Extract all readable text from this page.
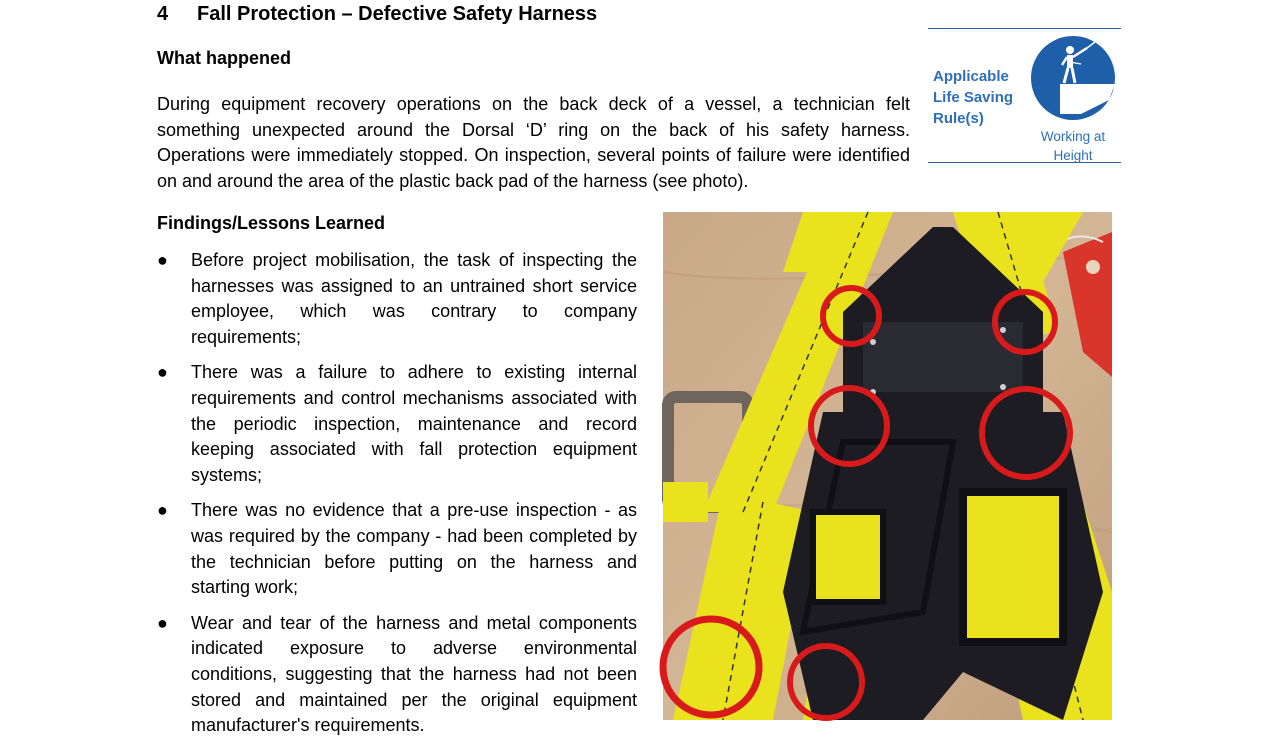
4 Fall Protection – Defective Safety Harness
What happened

During equipment recovery operations on the back deck of a vessel, a technician felt something unexpected around the Dorsal ‘D’ ring on the back of his safety harness. Operations were immediately stopped. On inspection, several points of failure were identified on and around the area of the plastic back pad of the harness (see photo).

Applicable Life Saving Rule(s)
Working at Height
Findings/Lessons Learned
● Before project mobilisation, the task of inspecting the harnesses was assigned to an untrained short service employee, which was contrary to company requirements;
● There was a failure to adhere to existing internal requirements and control mechanisms associated with the periodic inspection, maintenance and record keeping associated with fall protection equipment systems;
● There was no evidence that a pre-use inspection - as was required by the company - had been completed by the technician before putting on the harness and starting work;
● Wear and tear of the harness and metal components indicated exposure to adverse environmental conditions, suggesting that the harness had not been stored and maintained per the original equipment manufacturer's requirements.
